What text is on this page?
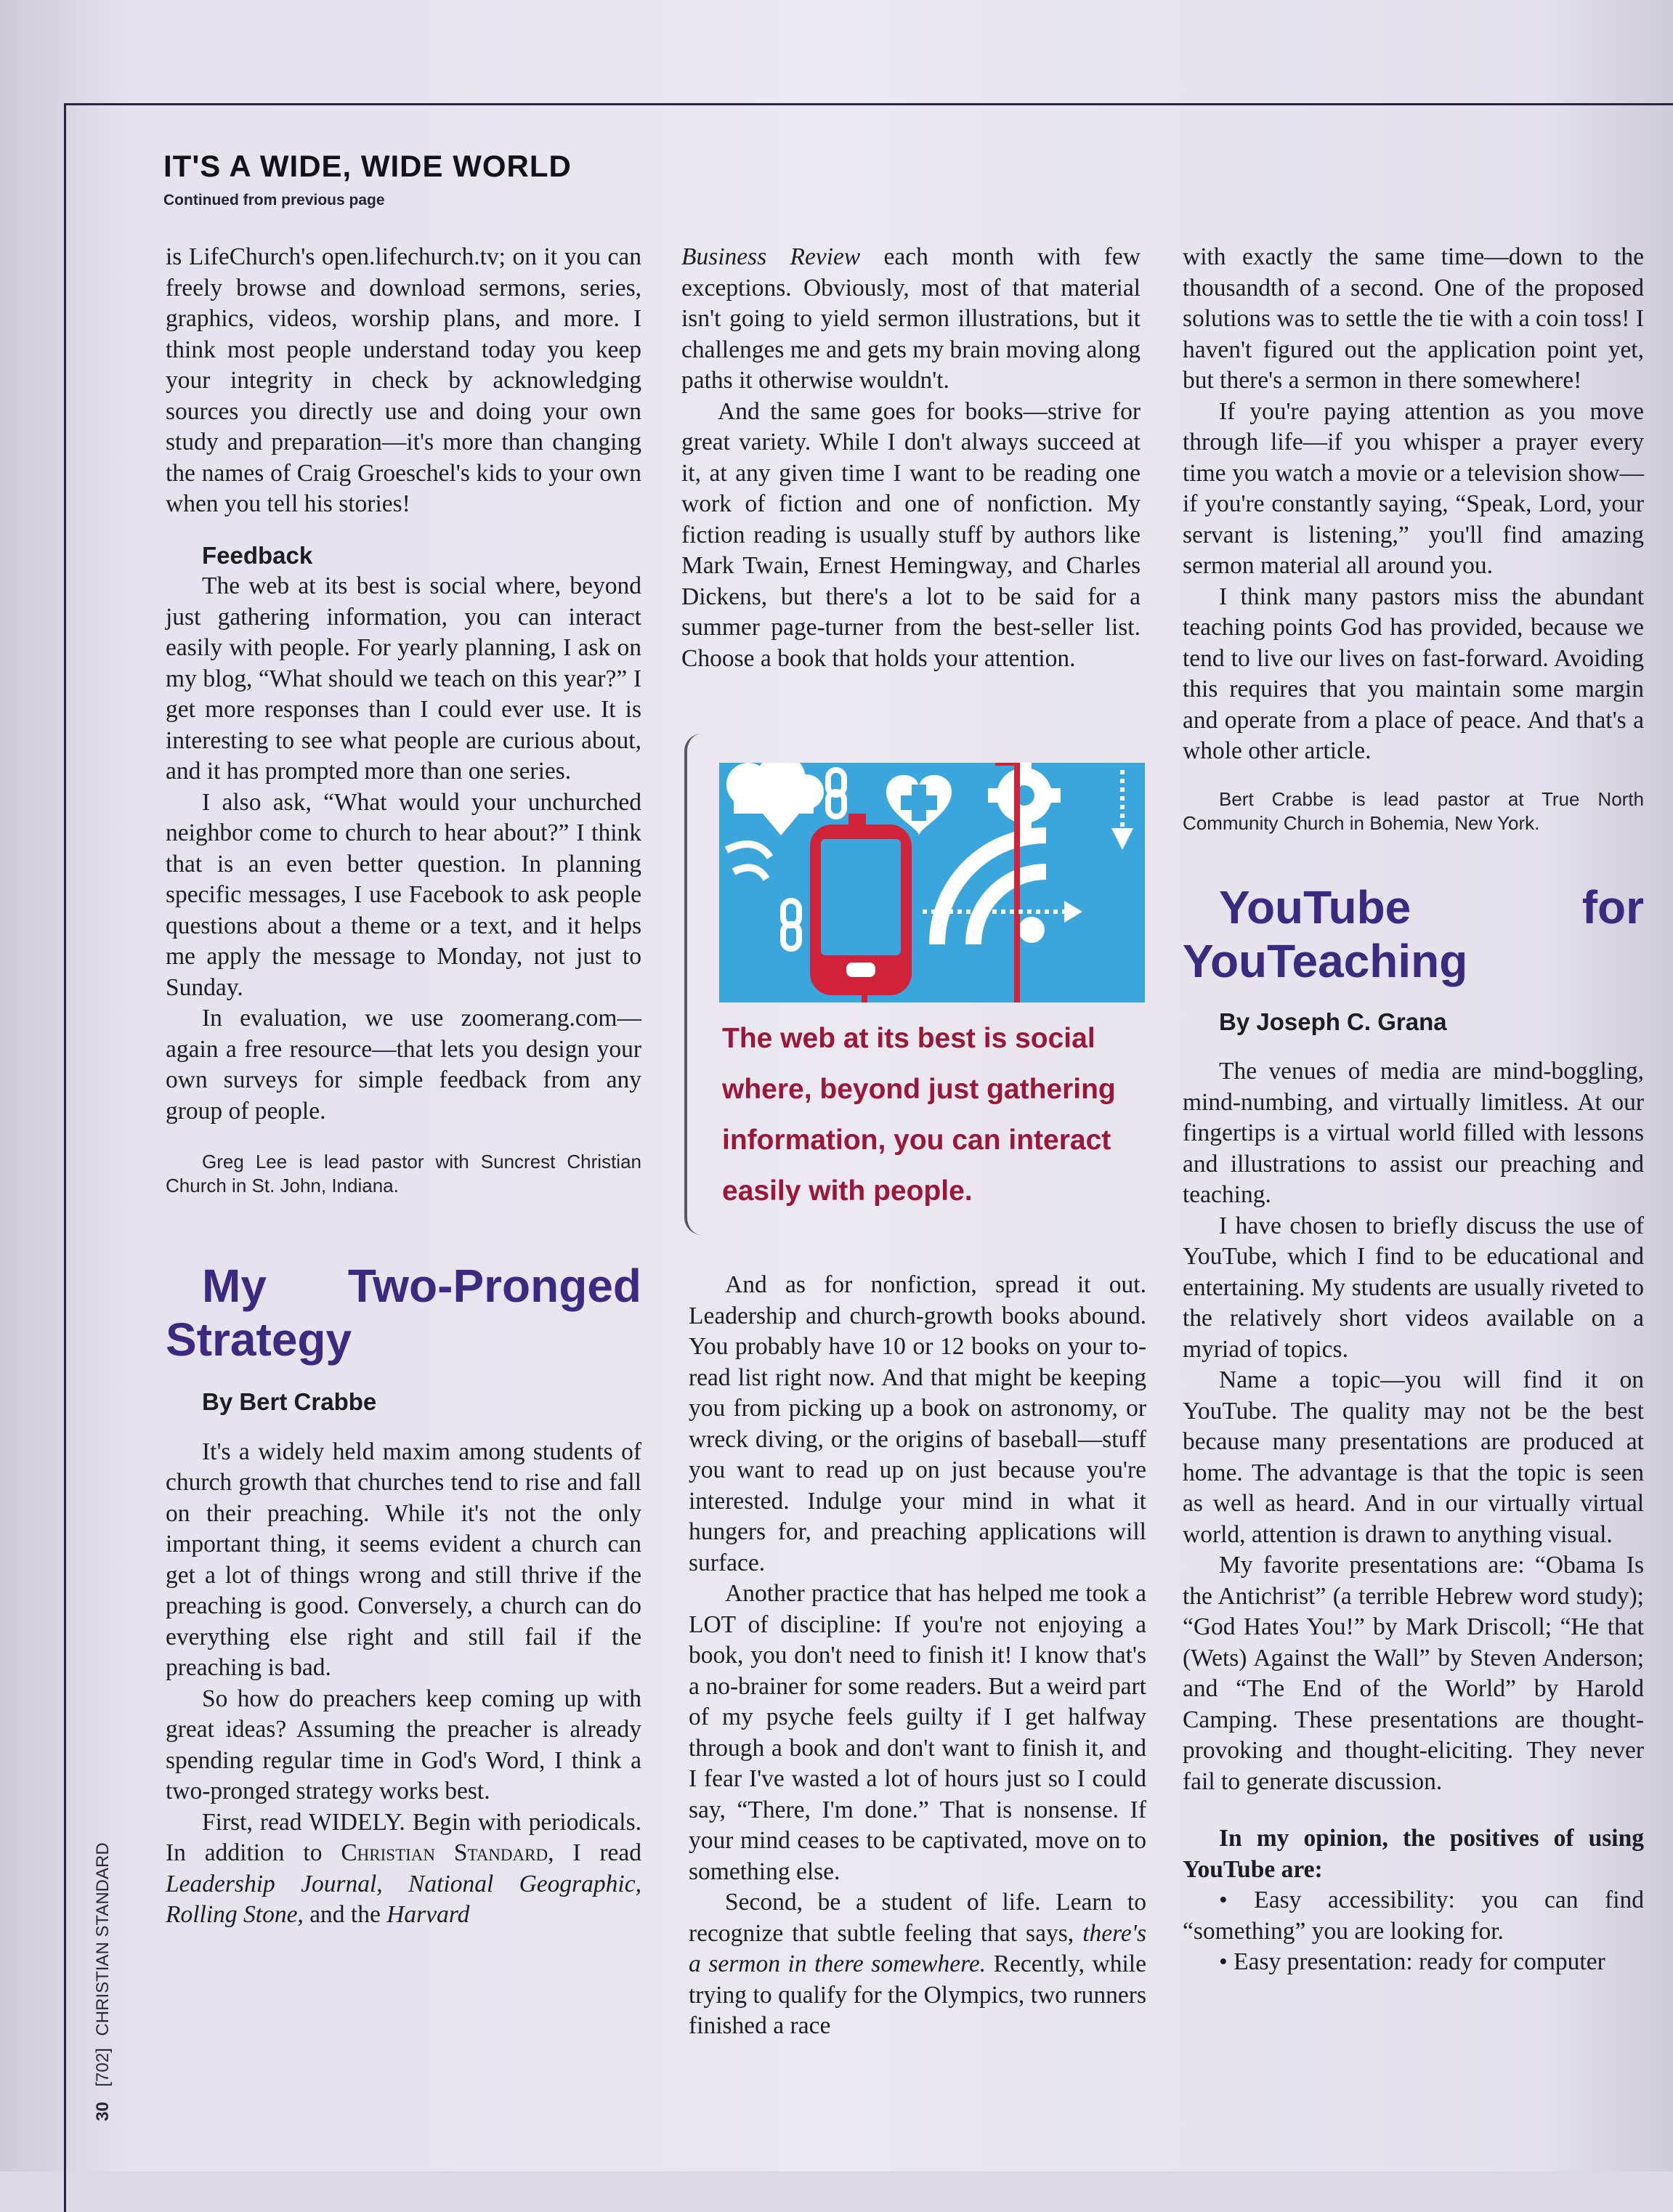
IT'S A WIDE, WIDE WORLD
Continued from previous page

is LifeChurch's open.lifechurch.tv; on it you can freely browse and download sermons, series, graphics, videos, worship plans, and more. I think most people understand today you keep your integrity in check by acknowledging sources you directly use and doing your own study and preparation—it's more than changing the names of Craig Groeschel's kids to your own when you tell his stories!

Feedback

The web at its best is social where, beyond just gathering information, you can interact easily with people. For yearly planning, I ask on my blog, “What should we teach on this year?” I get more responses than I could ever use. It is interesting to see what people are curious about, and it has prompted more than one series.

I also ask, “What would your unchurched neighbor come to church to hear about?” I think that is an even better question. In planning specific messages, I use Facebook to ask people questions about a theme or a text, and it helps me apply the message to Monday, not just to Sunday.

In evaluation, we use zoomerang.com—again a free resource—that lets you design your own surveys for simple feedback from any group of people.

Greg Lee is lead pastor with Suncrest Christian Church in St. John, Indiana.

My Two-Pronged Strategy

By Bert Crabbe

It's a widely held maxim among students of church growth that churches tend to rise and fall on their preaching. While it's not the only important thing, it seems evident a church can get a lot of things wrong and still thrive if the preaching is good. Conversely, a church can do everything else right and still fail if the preaching is bad.

So how do preachers keep coming up with great ideas? Assuming the preacher is already spending regular time in God's Word, I think a two-pronged strategy works best.

First, read WIDELY. Begin with periodicals. In addition to Christian Standard, I read Leadership Journal, National Geographic, Rolling Stone, and the Harvard

Business Review each month with few exceptions. Obviously, most of that material isn't going to yield sermon illustrations, but it challenges me and gets my brain moving along paths it otherwise wouldn't.

And the same goes for books—strive for great variety. While I don't always succeed at it, at any given time I want to be reading one work of fiction and one of nonfiction. My fiction reading is usually stuff by authors like Mark Twain, Ernest Hemingway, and Charles Dickens, but there's a lot to be said for a summer page-turner from the best-seller list. Choose a book that holds your attention.

The web at its best is social where, beyond just gathering information, you can interact easily with people.

And as for nonfiction, spread it out. Leadership and church-growth books abound. You probably have 10 or 12 books on your to-read list right now. And that might be keeping you from picking up a book on astronomy, or wreck diving, or the origins of baseball—stuff you want to read up on just because you're interested. Indulge your mind in what it hungers for, and preaching applications will surface.

Another practice that has helped me took a LOT of discipline: If you're not enjoying a book, you don't need to finish it! I know that's a no-brainer for some readers. But a weird part of my psyche feels guilty if I get halfway through a book and don't want to finish it, and I fear I've wasted a lot of hours just so I could say, “There, I'm done.” That is nonsense. If your mind ceases to be captivated, move on to something else.

Second, be a student of life. Learn to recognize that subtle feeling that says, there's a sermon in there somewhere. Recently, while trying to qualify for the Olympics, two runners finished a race

with exactly the same time—down to the thousandth of a second. One of the proposed solutions was to settle the tie with a coin toss! I haven't figured out the application point yet, but there's a sermon in there somewhere!

If you're paying attention as you move through life—if you whisper a prayer every time you watch a movie or a television show—if you're constantly saying, “Speak, Lord, your servant is listening,” you'll find amazing sermon material all around you.

I think many pastors miss the abundant teaching points God has provided, because we tend to live our lives on fast-forward. Avoiding this requires that you maintain some margin and operate from a place of peace. And that's a whole other article.

Bert Crabbe is lead pastor at True North Community Church in Bohemia, New York.

YouTube for YouTeaching

By Joseph C. Grana

The venues of media are mind-boggling, mind-numbing, and virtually limitless. At our fingertips is a virtual world filled with lessons and illustrations to assist our preaching and teaching.

I have chosen to briefly discuss the use of YouTube, which I find to be educational and entertaining. My students are usually riveted to the relatively short videos available on a myriad of topics.

Name a topic—you will find it on YouTube. The quality may not be the best because many presentations are produced at home. The advantage is that the topic is seen as well as heard. And in our virtually virtual world, attention is drawn to anything visual.

My favorite presentations are: “Obama Is the Antichrist” (a terrible Hebrew word study); “God Hates You!” by Mark Driscoll; “He that (Wets) Against the Wall” by Steven Anderson; and “The End of the World” by Harold Camping. These presentations are thought-provoking and thought-eliciting. They never fail to generate discussion.

In my opinion, the positives of using YouTube are:

• Easy accessibility: you can find “something” you are looking for.

• Easy presentation: ready for computer

30 [702] CHRISTIAN STANDARD
